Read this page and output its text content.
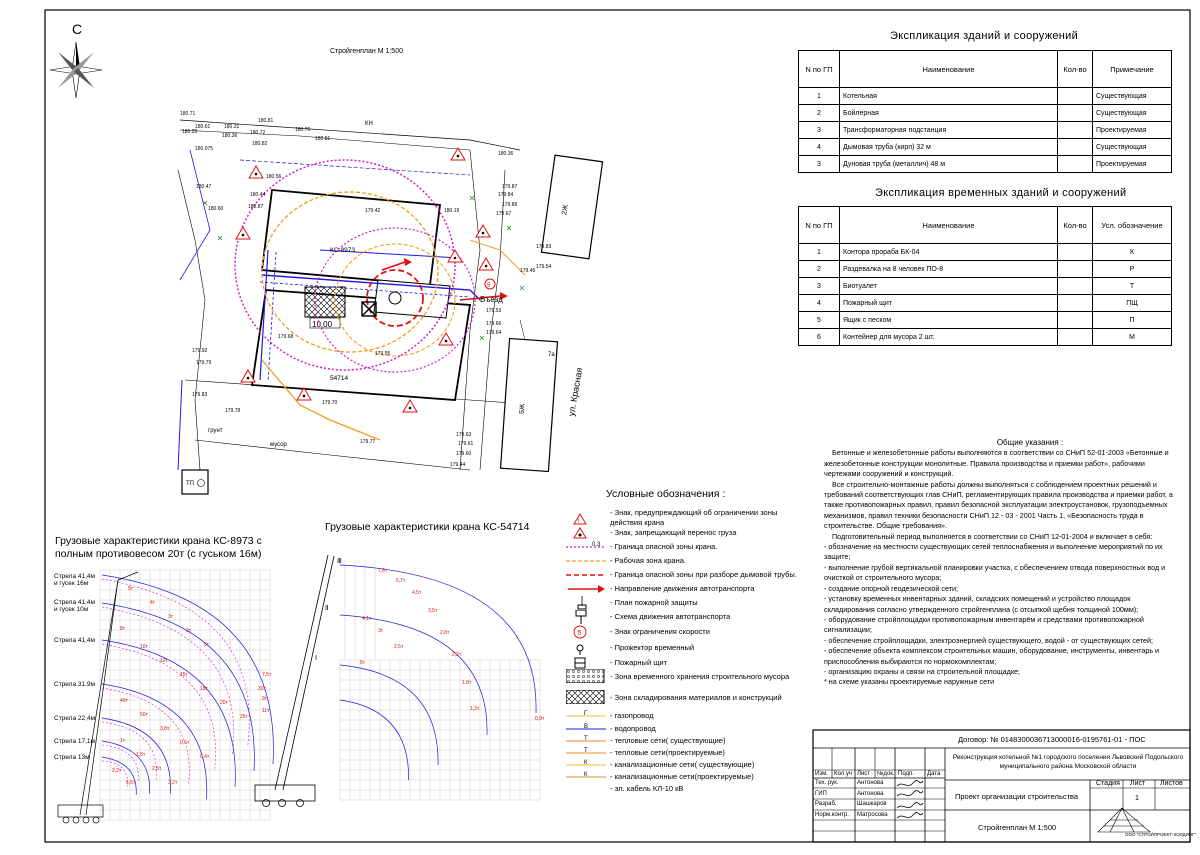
С
Стройгенплан М 1:500
2Ж
5Ж
7а
ул. Красная
10,00
КС-8973
54714
Въезд
5
ТП
грунт
мусор
КН
180.71
180.81
180.76
180.81
180.61
180.29
180.31
180.36
180.82
180.72
180.075
180.56
180.47
180.44
180.87
180.60	179.42	180.19
180.36
179.87
179.84
179.89
179.67
179.83
179.54
179.53
179.66
179.64
179.45
179.68
179.55
179.92
179.79
179.83
179.78
179.70
179.77
179.63
179.61
179.60
179.44
5т
4т
3т
2т
6т
8т
10т
12т
15т
18т
20т
25т
30т
40т
50т
3,8т
0,6т
0,4т
1т
1,5т
2,5т
3,2т
2,2т
5,5т
7,5т
9т
11т
Ⅲ
Ⅱ
Ⅰ
7,8т
5,7т
4,5т
3,5т
2,8т
2,2т
1,8т
1,3т
0,9т
4,1т
3т
2,5т
6т
Экспликация зданий и сооружений
N по ГП	Наименование	Кол-во	Примечание
1	Котельная		Существующая
2	Бойлерная		Существующая
3	Трансформаторная подстанция		Проектируемая
4	Дымовая труба (кирп) 32 м		Существующая
3	Дуновая труба (металлич) 48 м		Проектируемая
Экспликация временных зданий и сооружений
N по ГП	Наименование	Кол-во	Усл. обозначение
1	Контора прораба БК-04		К
2	Раздевалка на 8 человек ПО-8		Р
3	Биотуалет		Т
4	Пожарный щит		ПЩ
5	Ящик с песком		П
6	Контейнер для мусора 2 шт.		М
Общие указания :

Бетонные и железобетонные работы выполняются в соответствии со СНиП 52-01-2003 «Бетонные и железобетонные конструкции монолитные. Правила производства и приемки работ», рабочими чертежами сооружений и конструкций.

Все строительно-монтажные работы должны выполняться с соблюдением проектных решений и требований соответствующих глав СНиП, регламентирующих правила производства и приемки работ, а также противопожарных правил, правил безопасной эксплуатации электроустановок, грузоподъемных механизмов, правил техники безопасности СНиП 12 - 03 - 2001 Часть 1, «Безопасность труда в строительстве. Общие требования».

Подготовительный период выполняется в соответствии со СНиП 12-01-2004 и включает в себя:

- обозначение на местности существующих сетей теплоснабжения и выполнение мероприятий по их защите;

- выполнение грубой вертикальной планировки участка, с обеспечением отвода поверхностных вод и очисткой от строительного мусора;

- создание опорной геодезической сети;

- установку временных инвентарных зданий, складских помещений и устройство площадок складирования согласно утвержденного стройгенплана (с отсыпкой щебня толщиной 100мм);

- оборудование стройплощадки противопожарным инвентарём и средствами противопожарной сигнализации;

- обеспечение стройплощадки, электроэнергией существующего, водой - от существующих сетей;

- обеспечение объекта комплексом строительных машин, оборудование, инструменты, инвентарь и приспособления выбираются по нормокомплектам;

- организацию охраны и связи на строительной площадке;

* на схеме указаны проектируемые наружные сети

Условные обозначения :
!
- Знак, предупреждающий об ограничении зоны действия крана
- Знак, запрещающий перенос груза
0.3 - Граница опасной зоны крана.
- Рабочая зона крана.
- Граница опасной зоны при разборе дымовой трубы.
- Направление движения автотранспорта
- План пожарной защиты
- Схема движения автотранспорта
5	- Знак ограничения скорости
- Прожектор временный
- Пожарный щит
- Зона временного хранения строительного мусора
- Зона складирования материалов и конструкций
Г	- газопровод
В	- водопровод
Т	- тепловые сети( существующие)
Т	- тепловые сети(проектируемые)
К	- канализационные сети( существующие)
К	- канализационные сети(проектируемые)
- эл. кабель КЛ-10 кВ
Грузовые характеристики крана КС-8973 с
полным противовесом 20т (с гуськом 16м)
Грузовые характеристики крана КС-54714
Стрела 41,4м и гусек 16м
Стрела 41,4м и гусек 10м
Стрела 41,4м
Стрела 31,9м
Стрела 22,4м
Стрела 17,1м
Стрела 13м
Договор: № 0148300036713000016-0195761-01 - ПОС
Реконструкция котельной №1 городского поселения Львовский Подольского муниципального района Московской области
Проект организации строительства
Стройгенплан М 1:500
Стадия Лист Листов
1
ООО "СТРОЙПРОЕКТ-ХОЛДИНГ"
Изм. Кол.уч Лист №док. Подп. Дата
Тех. рук.	Антонова
ГИП	Антонова
Разраб.	Шашкаров
Норм.контр. Матросова
